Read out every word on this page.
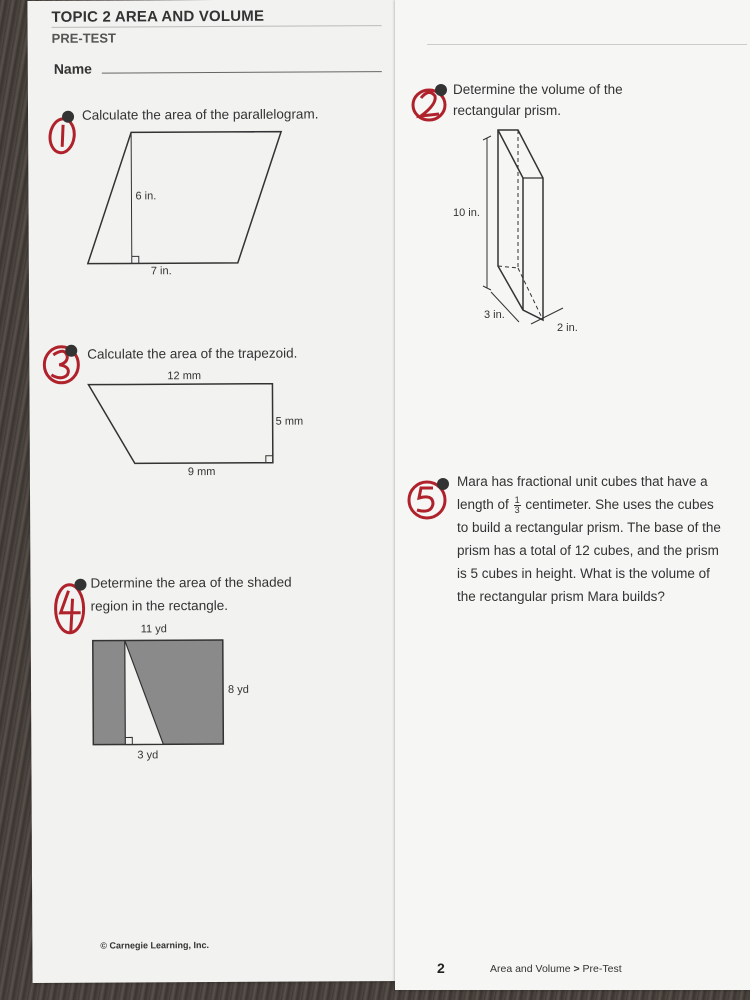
TOPIC 2 AREA AND VOLUME
PRE-TEST
Name
Calculate the area of the parallelogram.
6 in.
7 in.
Calculate the area of the trapezoid.
12 mm
5 mm
9 mm
Determine the area of the shaded
region in the rectangle.
11 yd
8 yd
3 yd
© Carnegie Learning, Inc.
Determine the volume of the
rectangular prism.
10 in.
3 in.
2 in.
Mara has fractional unit cubes that have a
length of $\frac{1}{3}$ centimeter. She uses the cubes
to build a rectangular prism. The base of the
prism has a total of 12 cubes, and the prism
is 5 cubes in height. What is the volume of
the rectangular prism Mara builds?
2	Area and Volume > Pre-Test
